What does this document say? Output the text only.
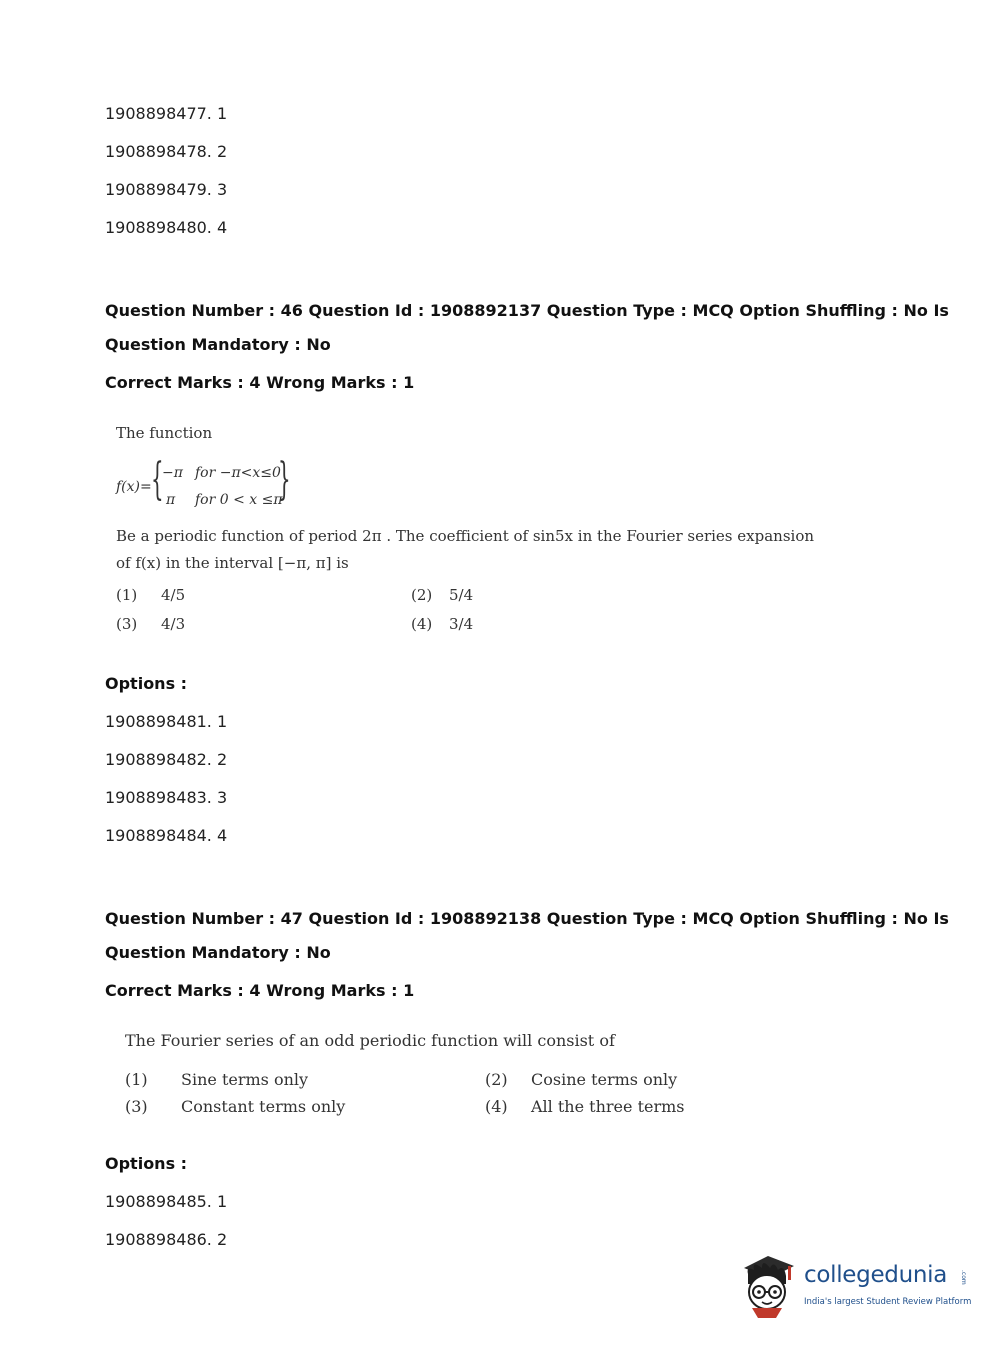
1908898477. 1
1908898478. 2
1908898479. 3
1908898480. 4
Question Number : 46 Question Id : 1908892137 Question Type : MCQ Option Shuffling : No Is
Question Mandatory : No
Correct Marks : 4 Wrong Marks : 1
The function
f(x)= {
−π for −π<x≤0
π for 0 < x ≤π
}
Be a periodic function of period 2π . The coefficient of sin5x in the Fourier series expansion
of f(x) in the interval [−π, π] is
(1) 4/5	(2) 5/4
(3) 4/3	(4) 3/4
Options :
1908898481. 1
1908898482. 2
1908898483. 3
1908898484. 4
Question Number : 47 Question Id : 1908892138 Question Type : MCQ Option Shuffling : No Is
Question Mandatory : No
Correct Marks : 4 Wrong Marks : 1
The Fourier series of an odd periodic function will consist of
(1) Sine terms only	(2) Cosine terms only
(3) Constant terms only	(4) All the three terms
Options :
1908898485. 1
1908898486. 2
collegedunia .com
India's largest Student Review Platform
